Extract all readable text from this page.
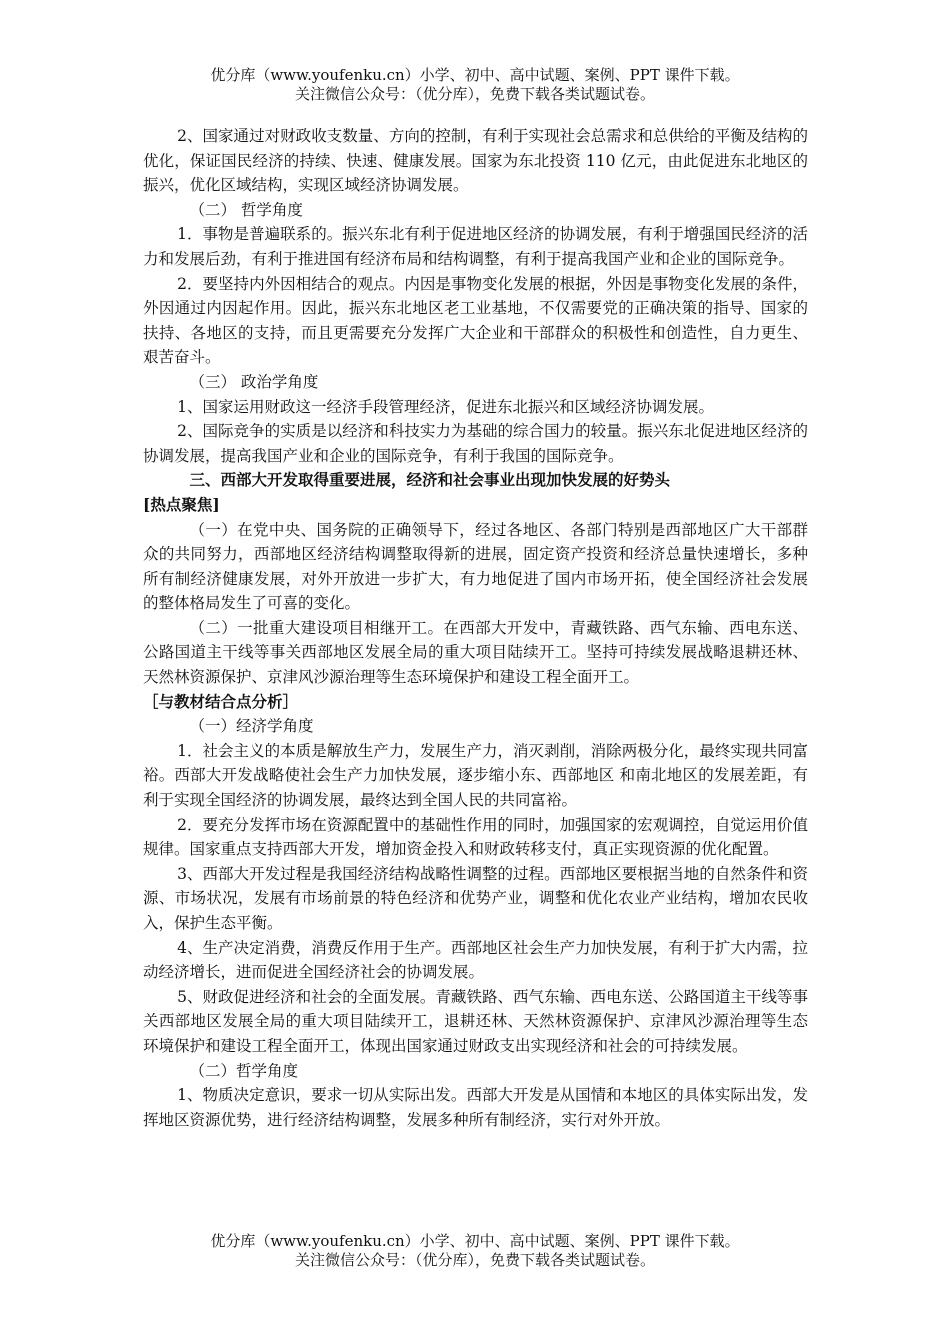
优分库（www.youfenku.cn）小学、初中、高中试题、案例、PPT 课件下载。
关注微信公众号：（优分库），免费下载各类试题试卷。

2、国家通过对财政收支数量、方向的控制，有利于实现社会总需求和总供给的平衡及结构的优化，保证国民经济的持续、快速、健康发展。国家为东北投资 110 亿元，由此促进东北地区的振兴，优化区域结构，实现区域经济协调发展。

（二） 哲学角度

1．事物是普遍联系的。振兴东北有利于促进地区经济的协调发展，有利于增强国民经济的活力和发展后劲，有利于推进国有经济布局和结构调整，有利于提高我国产业和企业的国际竞争。

2．要坚持内外因相结合的观点。内因是事物变化发展的根据，外因是事物变化发展的条件，外因通过内因起作用。因此，振兴东北地区老工业基地，不仅需要党的正确决策的指导、国家的扶持、各地区的支持，而且更需要充分发挥广大企业和干部群众的积极性和创造性，自力更生、艰苦奋斗。

（三） 政治学角度

1、国家运用财政这一经济手段管理经济，促进东北振兴和区域经济协调发展。

2、国际竞争的实质是以经济和科技实力为基础的综合国力的较量。振兴东北促进地区经济的协调发展，提高我国产业和企业的国际竞争，有利于我国的国际竞争。

三、西部大开发取得重要进展，经济和社会事业出现加快发展的好势头

[热点聚焦]

（一）在党中央、国务院的正确领导下，经过各地区、各部门特别是西部地区广大干部群众的共同努力，西部地区经济结构调整取得新的进展，固定资产投资和经济总量快速增长，多种所有制经济健康发展，对外开放进一步扩大，有力地促进了国内市场开拓，使全国经济社会发展的整体格局发生了可喜的变化。

（二）一批重大建设项目相继开工。在西部大开发中，青藏铁路、西气东输、西电东送、公路国道主干线等事关西部地区发展全局的重大项目陆续开工。坚持可持续发展战略退耕还林、天然林资源保护、京津风沙源治理等生态环境保护和建设工程全面开工。

［与教材结合点分析］

（一）经济学角度

1．社会主义的本质是解放生产力，发展生产力，消灭剥削，消除两极分化，最终实现共同富裕。西部大开发战略使社会生产力加快发展，逐步缩小东、西部地区 和南北地区的发展差距，有利于实现全国经济的协调发展，最终达到全国人民的共同富裕。

2．要充分发挥市场在资源配置中的基础性作用的同时，加强国家的宏观调控，自觉运用价值规律。国家重点支持西部大开发，增加资金投入和财政转移支付，真正实现资源的优化配置。

3、西部大开发过程是我国经济结构战略性调整的过程。西部地区要根据当地的自然条件和资源、市场状况，发展有市场前景的特色经济和优势产业，调整和优化农业产业结构，增加农民收入，保护生态平衡。

4、生产决定消费，消费反作用于生产。西部地区社会生产力加快发展，有利于扩大内需，拉动经济增长，进而促进全国经济社会的协调发展。

5、财政促进经济和社会的全面发展。青藏铁路、西气东输、西电东送、公路国道主干线等事关西部地区发展全局的重大项目陆续开工，退耕还林、天然林资源保护、京津风沙源治理等生态环境保护和建设工程全面开工，体现出国家通过财政支出实现经济和社会的可持续发展。

（二）哲学角度

1、物质决定意识，要求一切从实际出发。西部大开发是从国情和本地区的具体实际出发，发挥地区资源优势，进行经济结构调整，发展多种所有制经济，实行对外开放。

优分库（www.youfenku.cn）小学、初中、高中试题、案例、PPT 课件下载。
关注微信公众号：（优分库），免费下载各类试题试卷。
